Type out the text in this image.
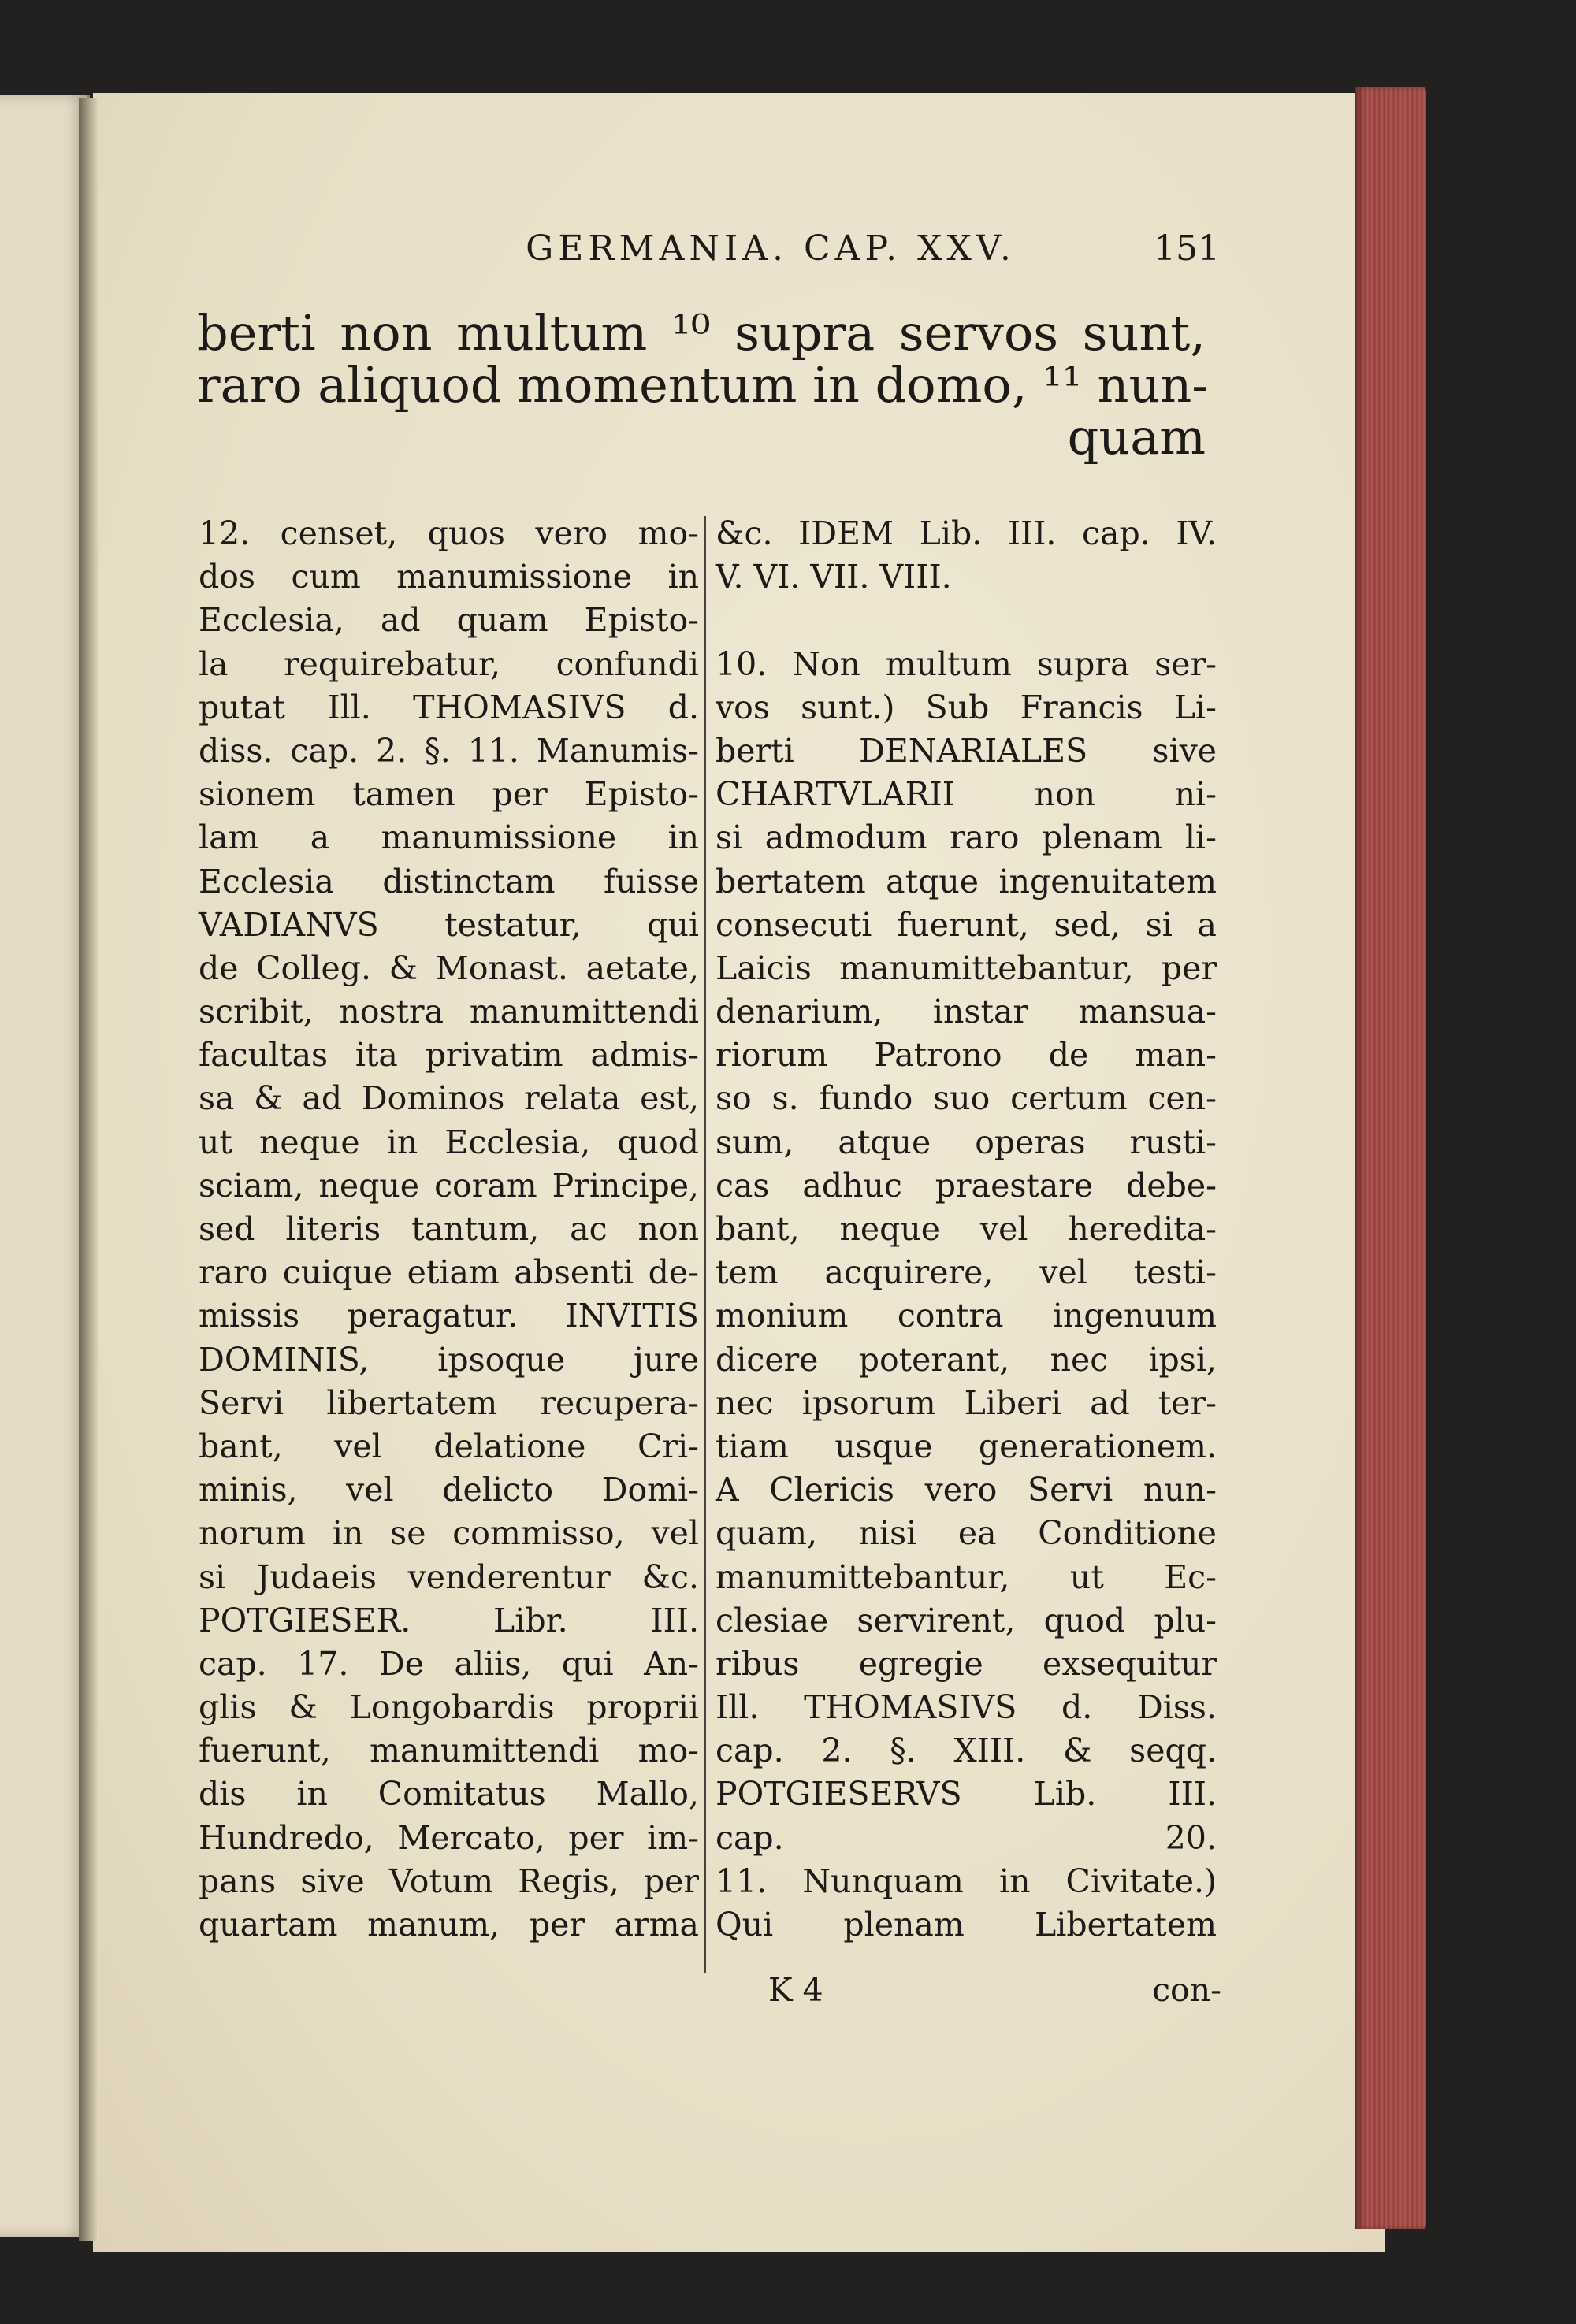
GERMANIA. CAP. XXV.	151
berti non multum ¹⁰ supra servos sunt,
raro aliquod momentum in domo, ¹¹ nun-
quam
12. censet, quos vero mo-
dos cum manumissione in
Ecclesia, ad quam Episto-
la requirebatur, confundi
putat Ill. THOMASIVS d.
diss. cap. 2. §. 11. Manumis-
sionem tamen per Episto-
lam a manumissione in
Ecclesia distinctam fuisse
VADIANVS testatur, qui
de Colleg. & Monast. aetate,
scribit, nostra manumittendi
facultas ita privatim admis-
sa & ad Dominos relata est,
ut neque in Ecclesia, quod
sciam, neque coram Principe,
sed literis tantum, ac non
raro cuique etiam absenti de-
missis peragatur. INVITIS
DOMINIS, ipsoque jure
Servi libertatem recupera-
bant, vel delatione Cri-
minis, vel delicto Domi-
norum in se commisso, vel
si Judaeis venderentur &c.
POTGIESER. Libr. III.
cap. 17. De aliis, qui An-
glis & Longobardis proprii
fuerunt, manumittendi mo-
dis in Comitatus Mallo,
Hundredo, Mercato, per im-
pans sive Votum Regis, per
quartam manum, per arma
&c. IDEM Lib. III. cap. IV.
V. VI. VII. VIII.
10. Non multum supra ser-
vos sunt.) Sub Francis Li-
berti DENARIALES sive
CHARTVLARII non ni-
si admodum raro plenam li-
bertatem atque ingenuitatem
consecuti fuerunt, sed, si a
Laicis manumittebantur, per
denarium, instar mansua-
riorum Patrono de man-
so s. fundo suo certum cen-
sum, atque operas rusti-
cas adhuc praestare debe-
bant, neque vel heredita-
tem acquirere, vel testi-
monium contra ingenuum
dicere poterant, nec ipsi,
nec ipsorum Liberi ad ter-
tiam usque generationem.
A Clericis vero Servi nun-
quam, nisi ea Conditione
manumittebantur, ut Ec-
clesiae servirent, quod plu-
ribus egregie exsequitur
Ill. THOMASIVS d. Diss.
cap. 2. §. XIII. & seqq.
POTGIESERVS Lib. III.
cap. 20.
11. Nunquam in Civitate.)
Qui plenam Libertatem
K 4	con-
